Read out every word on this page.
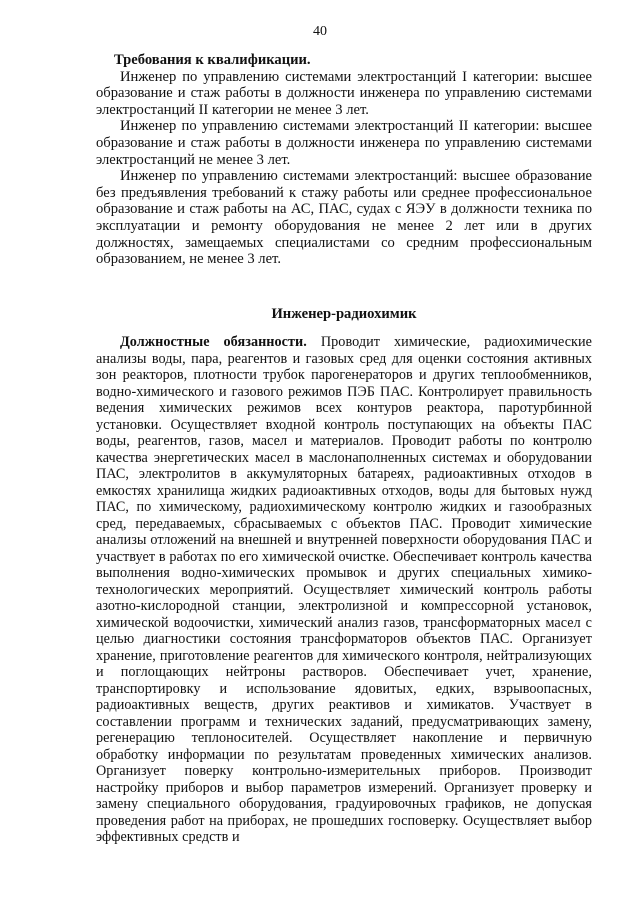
40

Требования к квалификации.

Инженер по управлению системами электростанций I категории: высшее образование и стаж работы в должности инженера по управлению системами электростанций II категории не менее 3 лет.

Инженер по управлению системами электростанций II категории: высшее образование и стаж работы в должности инженера по управлению системами электростанций не менее 3 лет.

Инженер по управлению системами электростанций: высшее образование без предъявления требований к стажу работы или среднее профессиональное образование и стаж работы на АС, ПАС, судах с ЯЭУ в должности техника по эксплуатации и ремонту оборудования не менее 2 лет или в других должностях, замещаемых специалистами со средним профессиональным образованием, не менее 3 лет.

Инженер-радиохимик

Должностные обязанности. Проводит химические, радиохимические анализы воды, пара, реагентов и газовых сред для оценки состояния активных зон реакторов, плотности трубок парогенераторов и других теплообменников, водно-химического и газового режимов ПЭБ ПАС. Контролирует правильность ведения химических режимов всех контуров реактора, паротурбинной установки. Осуществляет входной контроль поступающих на объекты ПАС воды, реагентов, газов, масел и материалов. Проводит работы по контролю качества энергетических масел в маслонаполненных системах и оборудовании ПАС, электролитов в аккумуляторных батареях, радиоактивных отходов в емкостях хранилища жидких радиоактивных отходов, воды для бытовых нужд ПАС, по химическому, радиохимическому контролю жидких и газообразных сред, передаваемых, сбрасываемых с объектов ПАС. Проводит химические анализы отложений на внешней и внутренней поверхности оборудования ПАС и участвует в работах по его химической очистке. Обеспечивает контроль качества выполнения водно-химических промывок и других специальных химико-технологических мероприятий. Осуществляет химический контроль работы азотно-кислородной станции, электролизной и компрессорной установок, химической водоочистки, химический анализ газов, трансформаторных масел с целью диагностики состояния трансформаторов объектов ПАС. Организует хранение, приготовление реагентов для химического контроля, нейтрализующих и поглощающих нейтроны растворов. Обеспечивает учет, хранение, транспортировку и использование ядовитых, едких, взрывоопасных, радиоактивных веществ, других реактивов и химикатов. Участвует в составлении программ и технических заданий, предусматривающих замену, регенерацию теплоносителей. Осуществляет накопление и первичную обработку информации по результатам проведенных химических анализов. Организует поверку контрольно-измерительных приборов. Производит настройку приборов и выбор параметров измерений. Организует проверку и замену специального оборудования, градуировочных графиков, не допуская проведения работ на приборах, не прошедших госповерку. Осуществляет выбор эффективных средств и
